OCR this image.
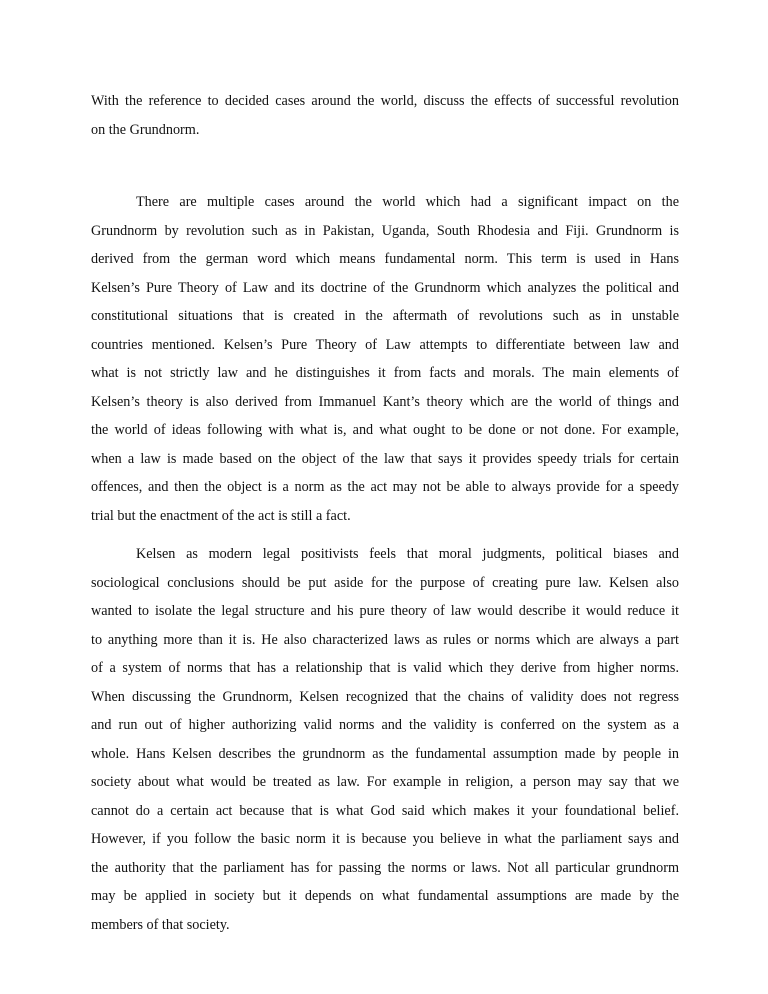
With the reference to decided cases around the world, discuss the effects of successful revolution
on the Grundnorm.
There are multiple cases around the world which had a significant impact on the
Grundnorm by revolution such as in Pakistan, Uganda, South Rhodesia and Fiji. Grundnorm is
derived from the german word which means fundamental norm. This term is used in Hans
Kelsen’s Pure Theory of Law and its doctrine of the Grundnorm which analyzes the political and
constitutional situations that is created in the aftermath of revolutions such as in unstable
countries mentioned. Kelsen’s Pure Theory of Law attempts to differentiate between law and
what is not strictly law and he distinguishes it from facts and morals. The main elements of
Kelsen’s theory is also derived from Immanuel Kant’s theory which are the world of things and
the world of ideas following with what is, and what ought to be done or not done. For example,
when a law is made based on the object of the law that says it provides speedy trials for certain
offences, and then the object is a norm as the act may not be able to always provide for a speedy
trial but the enactment of the act is still a fact.
Kelsen as modern legal positivists feels that moral judgments, political biases and
sociological conclusions should be put aside for the purpose of creating pure law. Kelsen also
wanted to isolate the legal structure and his pure theory of law would describe it would reduce it
to anything more than it is. He also characterized laws as rules or norms which are always a part
of a system of norms that has a relationship that is valid which they derive from higher norms.
When discussing the Grundnorm, Kelsen recognized that the chains of validity does not regress
and run out of higher authorizing valid norms and the validity is conferred on the system as a
whole. Hans Kelsen describes the grundnorm as the fundamental assumption made by people in
society about what would be treated as law. For example in religion, a person may say that we
cannot do a certain act because that is what God said which makes it your foundational belief.
However, if you follow the basic norm it is because you believe in what the parliament says and
the authority that the parliament has for passing the norms or laws. Not all particular grundnorm
may be applied in society but it depends on what fundamental assumptions are made by the
members of that society.
